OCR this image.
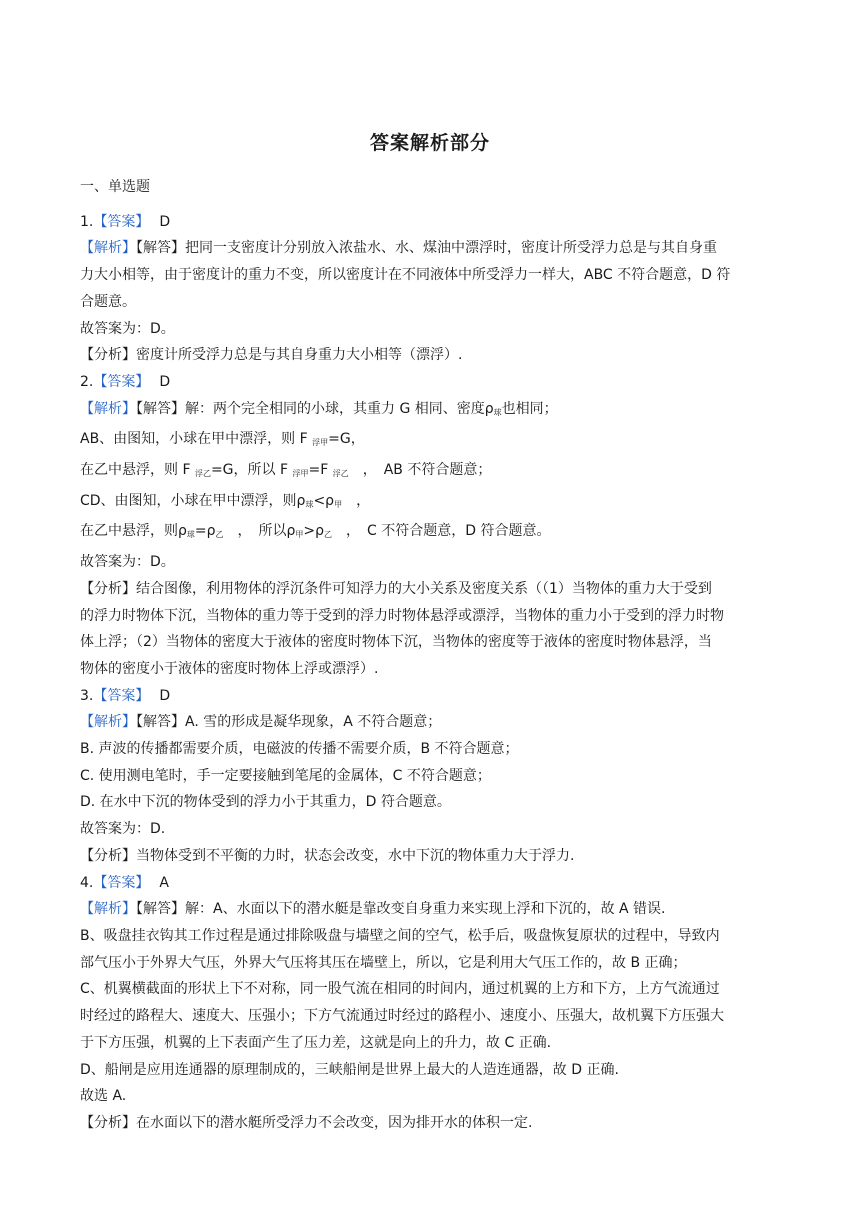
答案解析部分
一、单选题
1.【答案】 D
【解析】【解答】把同一支密度计分别放入浓盐水、水、煤油中漂浮时，密度计所受浮力总是与其自身重
力大小相等，由于密度计的重力不变，所以密度计在不同液体中所受浮力一样大，ABC 不符合题意，D 符
合题意。
故答案为：D。
【分析】密度计所受浮力总是与其自身重力大小相等（漂浮）.
2.【答案】 D
【解析】【解答】解：两个完全相同的小球，其重力 G 相同、密度$\rho_球$也相同；
AB、由图知，小球在甲中漂浮，则 F $_{浮甲}$=G，
在乙中悬浮，则 F $_{浮乙}$=G，所以 F $_{浮甲}$=F $_{浮乙}$　，　AB 不符合题意；
CD、由图知，小球在甲中漂浮，则$\rho_球<\rho_甲$　，
在乙中悬浮，则$\rho_球=\rho_乙$　，　所以$\rho_甲>\rho_乙$　，　C 不符合题意，D 符合题意。
故答案为：D。
【分析】结合图像，利用物体的浮沉条件可知浮力的大小关系及密度关系（（1）当物体的重力大于受到
的浮力时物体下沉，当物体的重力等于受到的浮力时物体悬浮或漂浮，当物体的重力小于受到的浮力时物
体上浮；（2）当物体的密度大于液体的密度时物体下沉，当物体的密度等于液体的密度时物体悬浮，当
物体的密度小于液体的密度时物体上浮或漂浮）.
3.【答案】 D
【解析】【解答】A. 雪的形成是凝华现象，A 不符合题意；
B. 声波的传播都需要介质，电磁波的传播不需要介质，B 不符合题意；
C. 使用测电笔时，手一定要接触到笔尾的金属体，C 不符合题意；
D. 在水中下沉的物体受到的浮力小于其重力，D 符合题意。
故答案为：D.
【分析】当物体受到不平衡的力时，状态会改变，水中下沉的物体重力大于浮力.
4.【答案】 A
【解析】【解答】解：A、水面以下的潜水艇是靠改变自身重力来实现上浮和下沉的，故 A 错误.
B、吸盘挂衣钩其工作过程是通过排除吸盘与墙壁之间的空气，松手后，吸盘恢复原状的过程中，导致内
部气压小于外界大气压，外界大气压将其压在墙壁上，所以，它是利用大气压工作的，故 B 正确；
C、机翼横截面的形状上下不对称，同一股气流在相同的时间内，通过机翼的上方和下方，上方气流通过
时经过的路程大、速度大、压强小；下方气流通过时经过的路程小、速度小、压强大，故机翼下方压强大
于下方压强，机翼的上下表面产生了压力差，这就是向上的升力，故 C 正确.
D、船闸是应用连通器的原理制成的，三峡船闸是世界上最大的人造连通器，故 D 正确.
故选 A.
【分析】在水面以下的潜水艇所受浮力不会改变，因为排开水的体积一定.
